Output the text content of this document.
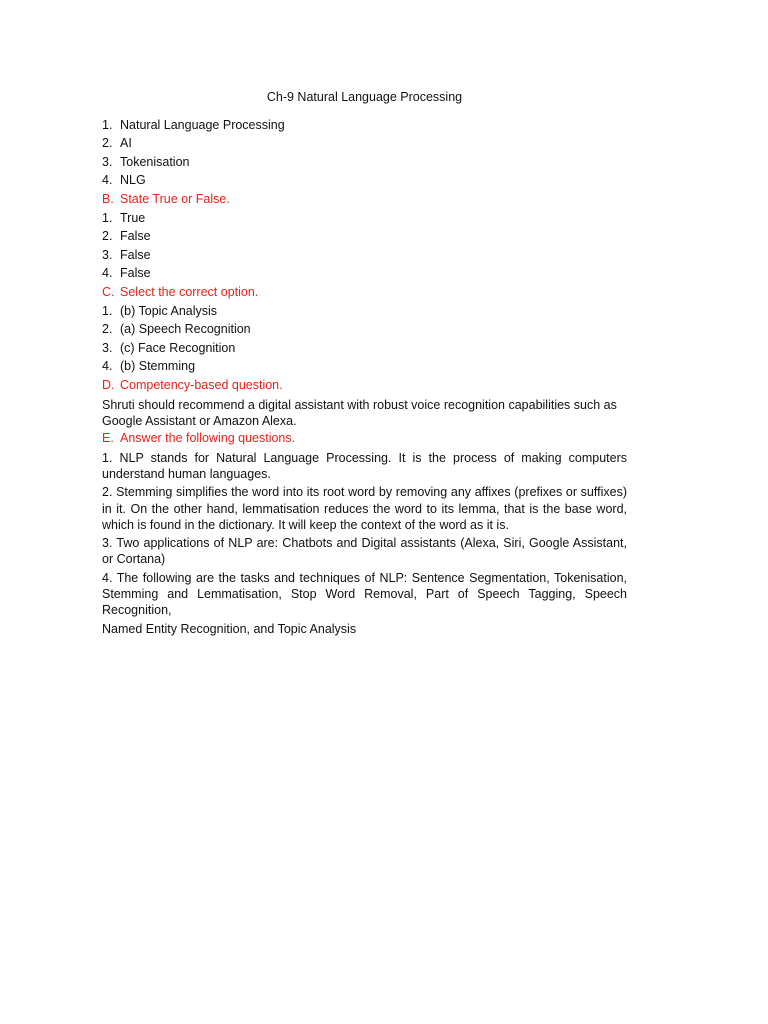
Ch-9 Natural Language Processing
1. Natural Language Processing
2. AI
3. Tokenisation
4. NLG
B. State True or False.
1. True
2. False
3. False
4. False
C. Select the correct option.
1. (b) Topic Analysis
2. (a) Speech Recognition
3. (c) Face Recognition
4. (b) Stemming
D. Competency-based question.
Shruti should recommend a digital assistant with robust voice recognition capabilities such as Google Assistant or Amazon Alexa.
E. Answer the following questions.
1. NLP stands for Natural Language Processing. It is the process of making computers understand human languages.
2. Stemming simplifies the word into its root word by removing any affixes (prefixes or suffixes) in it. On the other hand, lemmatisation reduces the word to its lemma, that is the base word, which is found in the dictionary. It will keep the context of the word as it is.
3. Two applications of NLP are: Chatbots and Digital assistants (Alexa, Siri, Google Assistant, or Cortana)
4. The following are the tasks and techniques of NLP: Sentence Segmentation, Tokenisation, Stemming and Lemmatisation, Stop Word Removal, Part of Speech Tagging, Speech Recognition,
Named Entity Recognition, and Topic Analysis
